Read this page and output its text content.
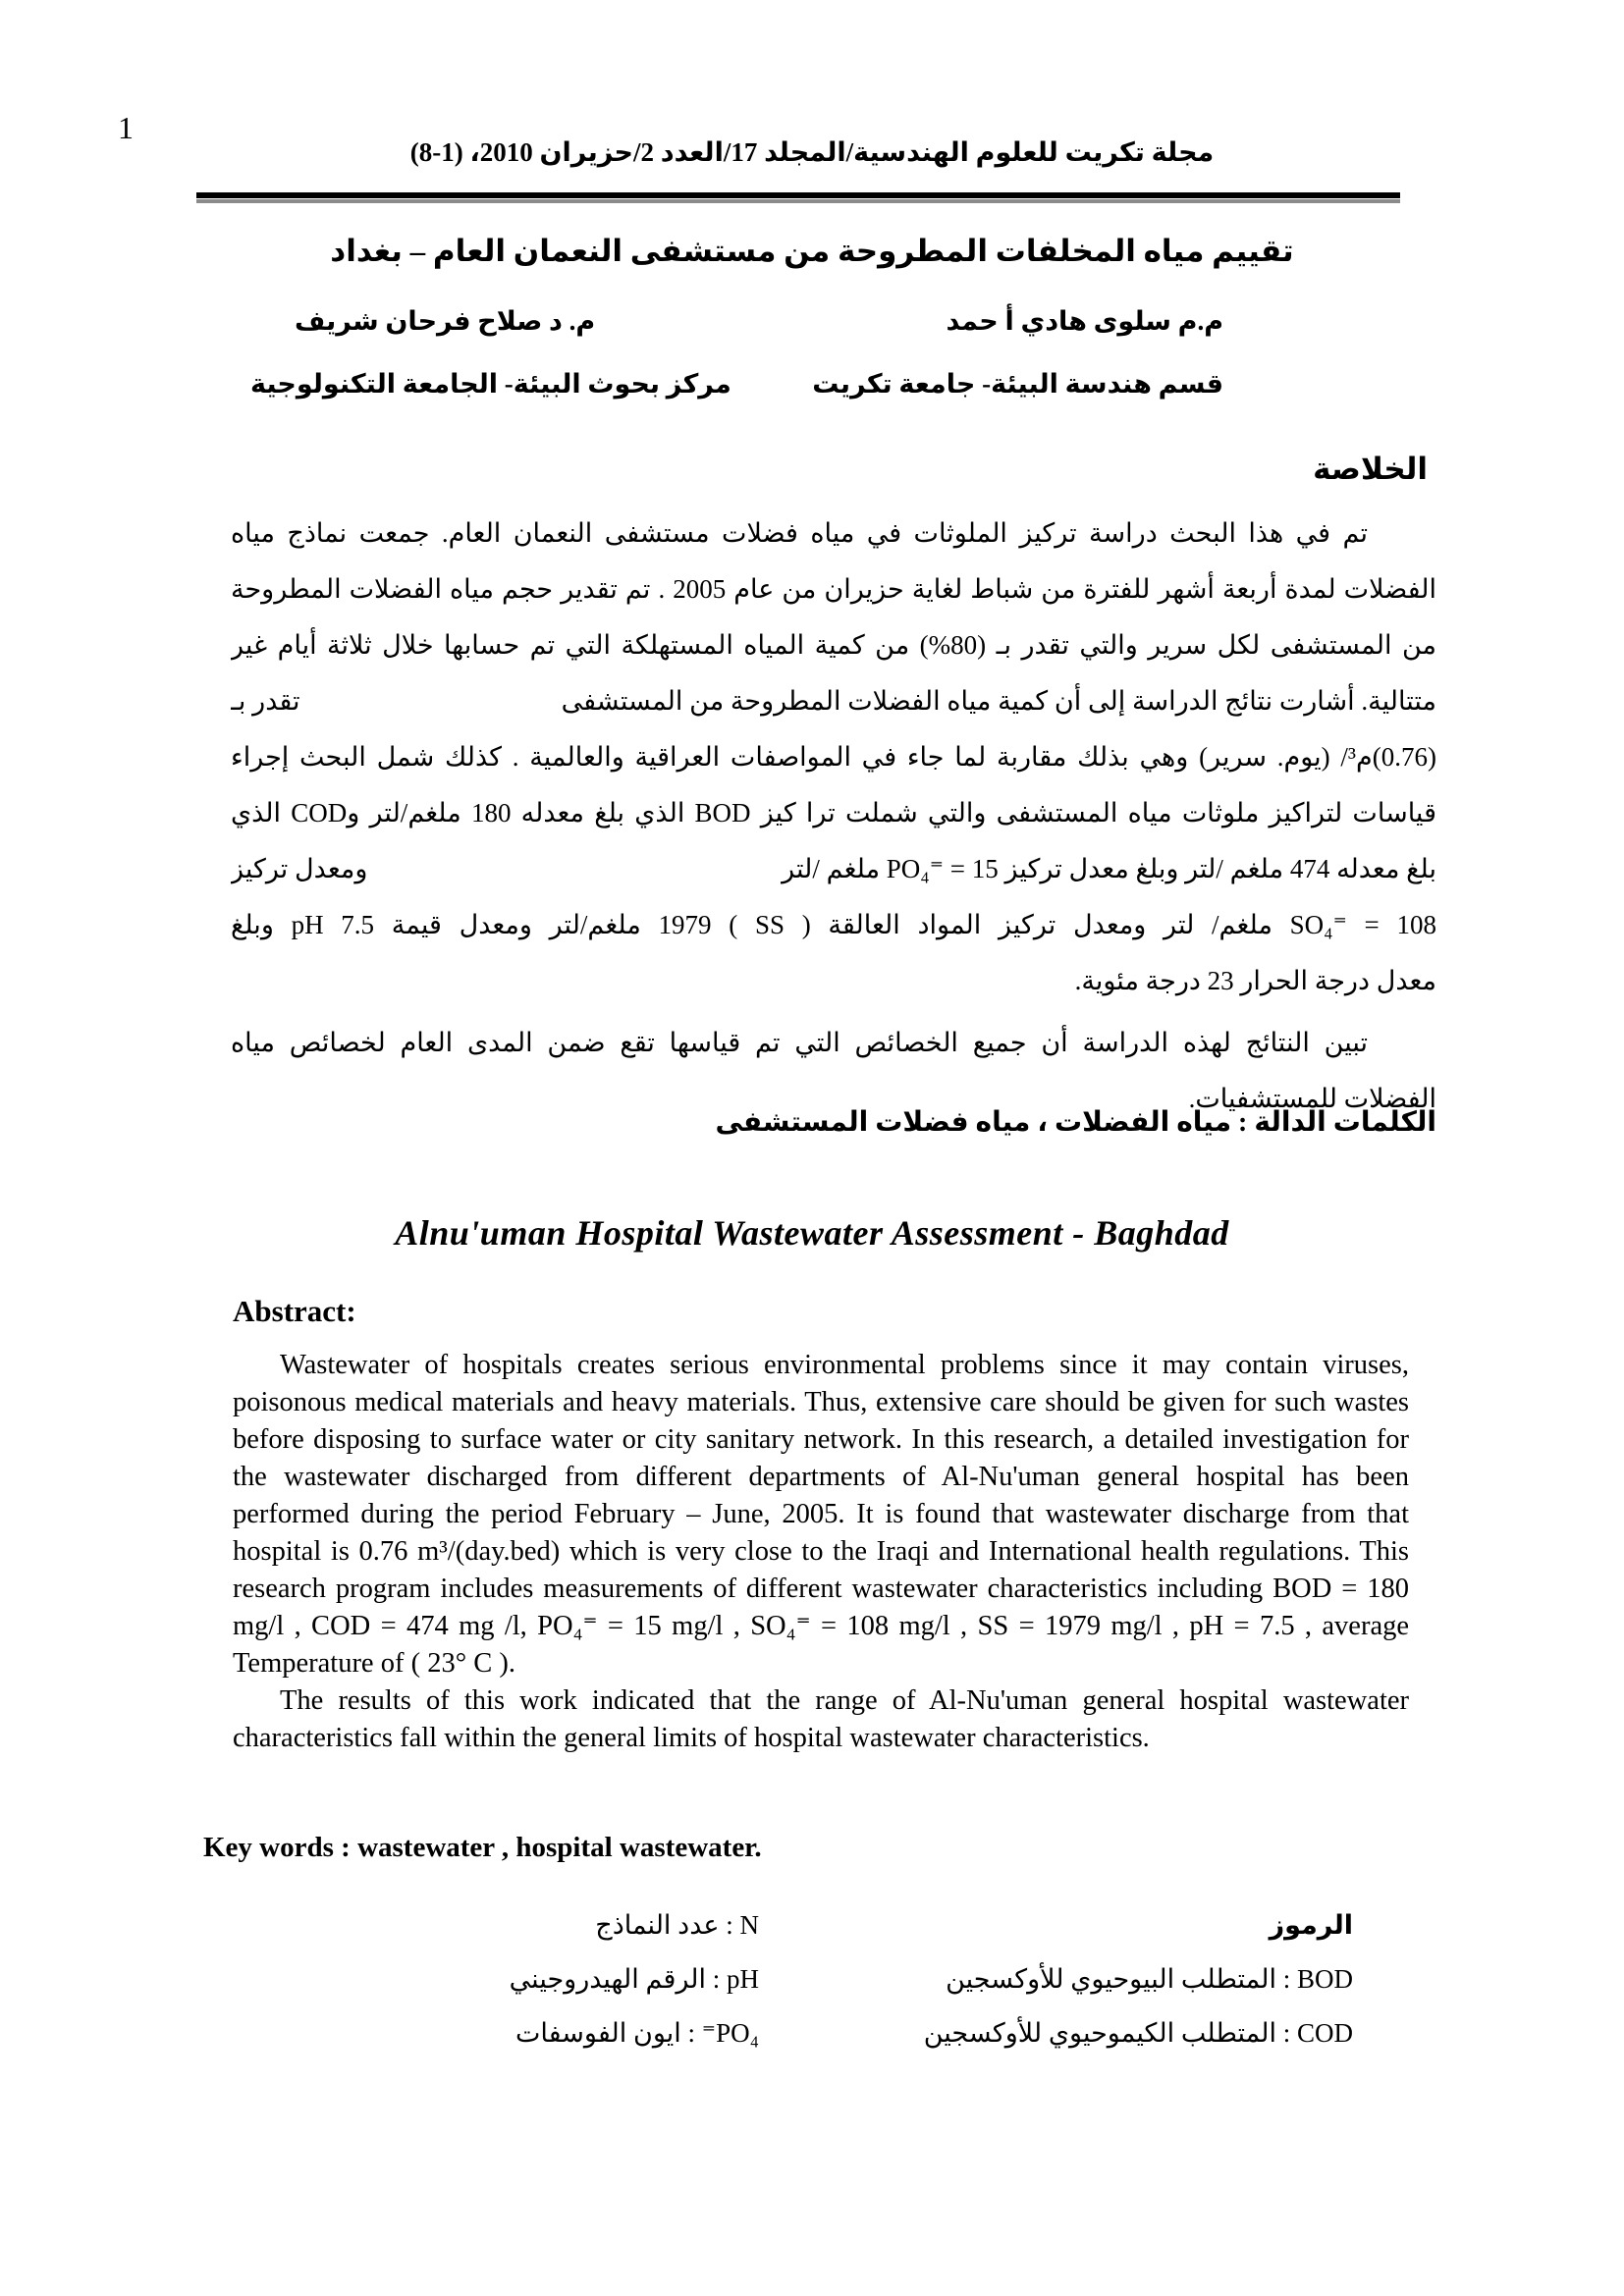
1
مجلة تكريت للعلوم الهندسية/المجلد 17/العدد 2/حزيران 2010، (1-8)
تقييم مياه المخلفات المطروحة من مستشفى النعمان العام – بغداد
م.م سلوى هادي أ حمد
م. د صلاح فرحان شريف
قسم هندسة البيئة- جامعة تكريت
مركز بحوث البيئة- الجامعة التكنولوجية
الخلاصة
تم في هذا البحث دراسة تركيز الملوثات في مياه فضلات مستشفى النعمان العام. جمعت نماذج مياه
الفضلات لمدة أربعة أشهر للفترة من شباط لغاية حزيران من عام 2005 . تم تقدير حجم مياه الفضلات المطروحة
من المستشفى لكل سرير والتي تقدر بـ (80%) من كمية المياه المستهلكة التي تم حسابها خلال ثلاثة أيام غير
متتالية. أشارت نتائج الدراسة إلى أن كمية مياه الفضلات المطروحة من المستشفى
تقدر بـ
(0.76)م³/ (يوم. سرير) وهي بذلك مقاربة لما جاء في المواصفات العراقية والعالمية . كذلك شمل البحث إجراء
قياسات لتراكيز ملوثات مياه المستشفى والتي شملت ترا كيز BOD الذي بلغ معدله 180 ملغم/لتر وCOD الذي
بلغ معدله 474 ملغم /لتر وبلغ معدل تركيز PO₄⁼ = 15 ملغم /لتر
ومعدل تركيز
SO₄⁼ = 108 ملغم/ لتر ومعدل تركيز المواد العالقة ( SS ) 1979 ملغم/لتر ومعدل قيمة pH 7.5 وبلغ
معدل درجة الحرار 23 درجة مئوية.
تبين النتائج لهذه الدراسة أن جميع الخصائص التي تم قياسها تقع ضمن المدى العام لخصائص مياه
الفضلات للمستشفيات.
الكلمات الدالة : مياه الفضلات ، مياه فضلات المستشفى
Alnu'uman Hospital Wastewater Assessment - Baghdad
Abstract:

Wastewater of hospitals creates serious environmental problems since it may contain viruses, poisonous medical materials and heavy materials. Thus, extensive care should be given for such wastes before disposing to surface water or city sanitary network. In this research, a detailed investigation for the wastewater discharged from different departments of Al-Nu'uman general hospital has been performed during the period February – June, 2005. It is found that wastewater discharge from that hospital is 0.76 m³/(day.bed) which is very close to the Iraqi and International health regulations. This research program includes measurements of different wastewater characteristics including BOD = 180 mg/l , COD = 474 mg /l, PO₄⁼ = 15 mg/l , SO₄⁼ = 108 mg/l , SS = 1979 mg/l , pH = 7.5 , average Temperature of ( 23° C ).

The results of this work indicated that the range of Al-Nu'uman general hospital wastewater characteristics fall within the general limits of hospital wastewater characteristics.

Key words : wastewater , hospital wastewater.
الرموز
BOD : المتطلب البيوحيوي للأوكسجين
COD : المتطلب الكيموحيوي للأوكسجين
N : عدد النماذج
pH : الرقم الهيدروجيني
PO₄⁼ : ايون الفوسفات
